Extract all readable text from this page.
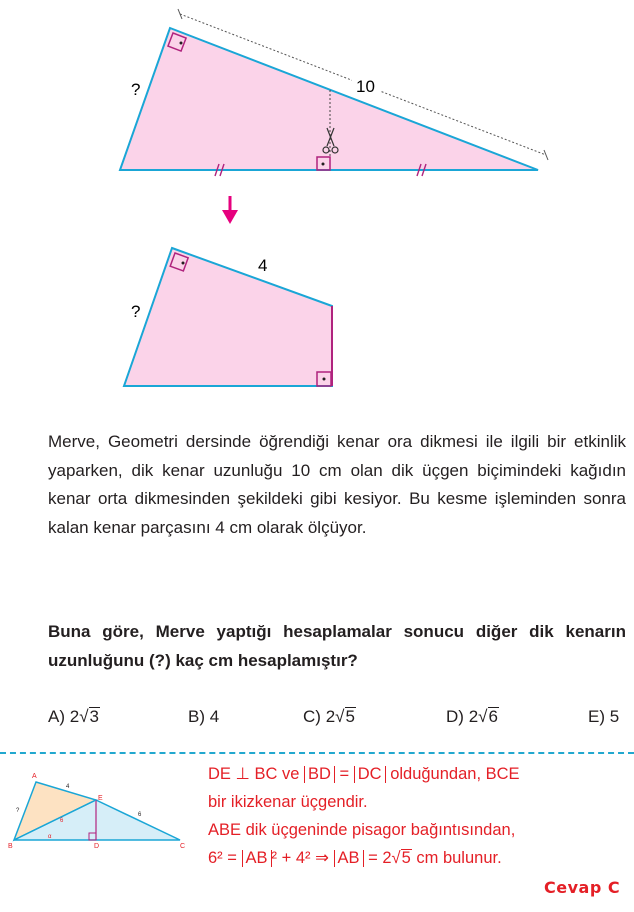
10
?
4
?
Merve, Geometri dersinde öğrendiği kenar ora dikmesi ile ilgili bir etkinlik yaparken, dik kenar uzunluğu 10 cm olan dik üçgen biçimindeki kağıdın kenar orta dikmesinden şekildeki gibi kesiyor. Bu kesme işleminden sonra kalan kenar parçasını 4 cm olarak ölçüyor.
Buna göre, Merve yaptığı hesaplamalar sonucu diğer dik kenarın uzunluğunu (?) kaç cm hesaplamıştır?
A) 2√3	B) 4	C) 2√5	D) 2√6	E) 5
A
B	C
D
E
?
4
6
6
α
DE ⊥ BC ve BD = DC olduğundan, BCE
bir ikizkenar üçgendir.
ABE dik üçgeninde pisagor bağıntısından,
6² = AB ² + 4² ⇒ AB = 2√5 cm bulunur.
Cevap C
